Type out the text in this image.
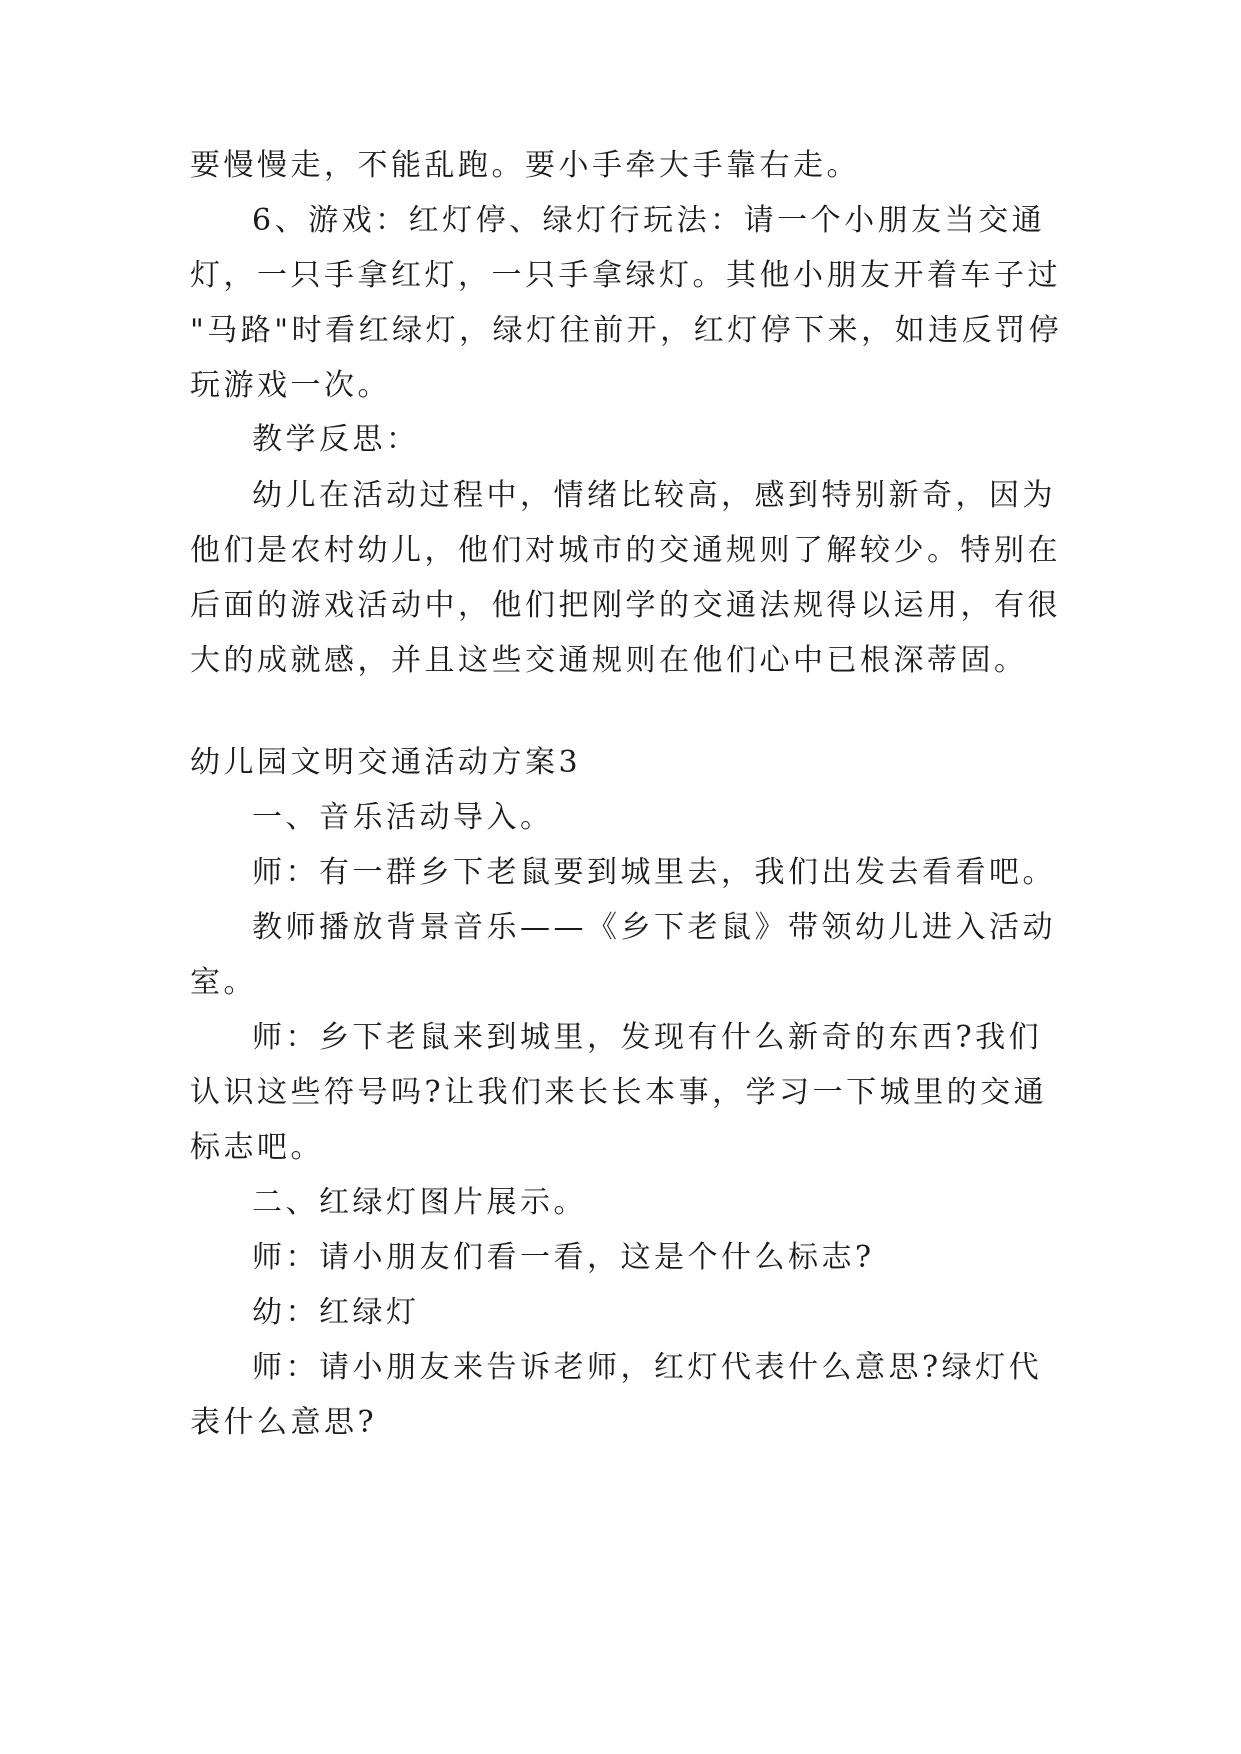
要慢慢走，不能乱跑。要小手牵大手靠右走。
6、游戏：红灯停、绿灯行玩法：请一个小朋友当交通
灯，一只手拿红灯，一只手拿绿灯。其他小朋友开着车子过
"马路"时看红绿灯，绿灯往前开，红灯停下来，如违反罚停
玩游戏一次。
教学反思：
幼儿在活动过程中，情绪比较高，感到特别新奇，因为
他们是农村幼儿，他们对城市的交通规则了解较少。特别在
后面的游戏活动中，他们把刚学的交通法规得以运用，有很
大的成就感，并且这些交通规则在他们心中已根深蒂固。
幼儿园文明交通活动方案3
一、音乐活动导入。
师：有一群乡下老鼠要到城里去，我们出发去看看吧。
教师播放背景音乐——《乡下老鼠》带领幼儿进入活动
室。
师：乡下老鼠来到城里，发现有什么新奇的东西?我们
认识这些符号吗?让我们来长长本事，学习一下城里的交通
标志吧。
二、红绿灯图片展示。
师：请小朋友们看一看，这是个什么标志?
幼：红绿灯
师：请小朋友来告诉老师，红灯代表什么意思?绿灯代
表什么意思?
